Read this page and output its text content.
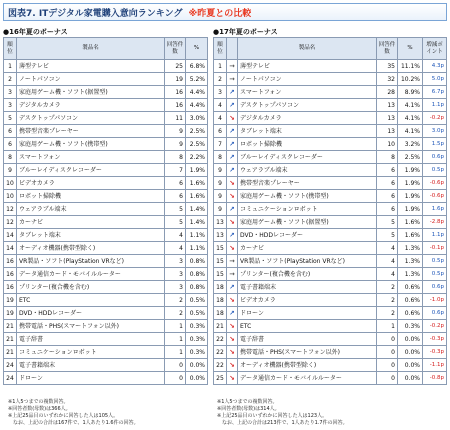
図表7. ITデジタル家電購入意向ランキング ※昨夏との比較
●16年夏のボーナス
順位	製品名	回答件数	%
1	薄型テレビ	25	6.8%
2	ノートパソコン	19	5.2%
3	家庭用ゲーム機・ソフト(据置型)	16	4.4%
3	デジタルカメラ	16	4.4%
5	デスクトップパソコン	11	3.0%
6	携帯型音楽プレーヤー	9	2.5%
6	家庭用ゲーム機・ソフト(携帯型)	9	2.5%
8	スマートフォン	8	2.2%
9	ブルーレイディスクレコーダー	7	1.9%
10	ビデオカメラ	6	1.6%
10	ロボット掃除機	6	1.6%
12	ウェアラブル端末	5	1.4%
12	カーナビ	5	1.4%
14	タブレット端末	4	1.1%
14	オーディオ機器(携帯型除く)	4	1.1%
16	VR製品・ソフト(PlayStation VRなど)	3	0.8%
16	データ通信カード・モバイルルーター	3	0.8%
16	プリンター(複合機を含む)	3	0.8%
19	ETC	2	0.5%
19	DVD・HDDレコーダー	2	0.5%
21	携帯電話・PHS(スマートフォン以外)	1	0.3%
21	電子辞書	1	0.3%
21	コミュニケーションロボット	1	0.3%
24	電子書籍端末	0	0.0%
24	ドローン	0	0.0%
●17年夏のボーナス
順位		製品名	回答件数	%	増減ポイント
1	→	薄型テレビ	35	11.1%	4.3p
2	→	ノートパソコン	32	10.2%	5.0p
3	↗	スマートフォン	28	8.9%	6.7p
4	↗	デスクトップパソコン	13	4.1%	1.1p
4	↘	デジタルカメラ	13	4.1%	-0.2p
6	↗	タブレット端末	13	4.1%	3.0p
7	↗	ロボット掃除機	10	3.2%	1.5p
8	↗	ブルーレイディスクレコーダー	8	2.5%	0.6p
9	↗	ウェアラブル端末	6	1.9%	0.5p
9	↘	携帯型音楽プレーヤー	6	1.9%	-0.6p
9	↘	家庭用ゲーム機・ソフト(携帯型)	6	1.9%	-0.6p
9	↗	コミュニケーションロボット	6	1.9%	1.6p
13	↘	家庭用ゲーム機・ソフト(据置型)	5	1.6%	-2.8p
13	↗	DVD・HDDレコーダー	5	1.6%	1.1p
15	↘	カーナビ	4	1.3%	-0.1p
15	→	VR製品・ソフト(PlayStation VRなど)	4	1.3%	0.5p
15	→	プリンター(複合機を含む)	4	1.3%	0.5p
18	↗	電子書籍端末	2	0.6%	0.6p
18	↘	ビデオカメラ	2	0.6%	-1.0p
18	↗	ドローン	2	0.6%	0.6p
21	↘	ETC	1	0.3%	-0.2p
22	↘	電子辞書	0	0.0%	-0.3p
22	↘	携帯電話・PHS(スマートフォン以外)	0	0.0%	-0.3p
22	↘	オーディオ機器(携帯型除く)	0	0.0%	-1.1p
25	↘	データ通信カード・モバイルルーター	0	0.0%	-0.8p
※1人5つまでの複数回答。
※回答者数(母数)は366人。
※上記25品目のいずれかに回答した人は105人。
　なお、上記の合計は167件で、1人あたり1.6件の回答。
※1人5つまでの複数回答。
※回答者数(母数)は314人。
※上記25品目のいずれかに回答した人は123人。
　なお、上記の合計は213件で、1人あたり1.7件の回答。
